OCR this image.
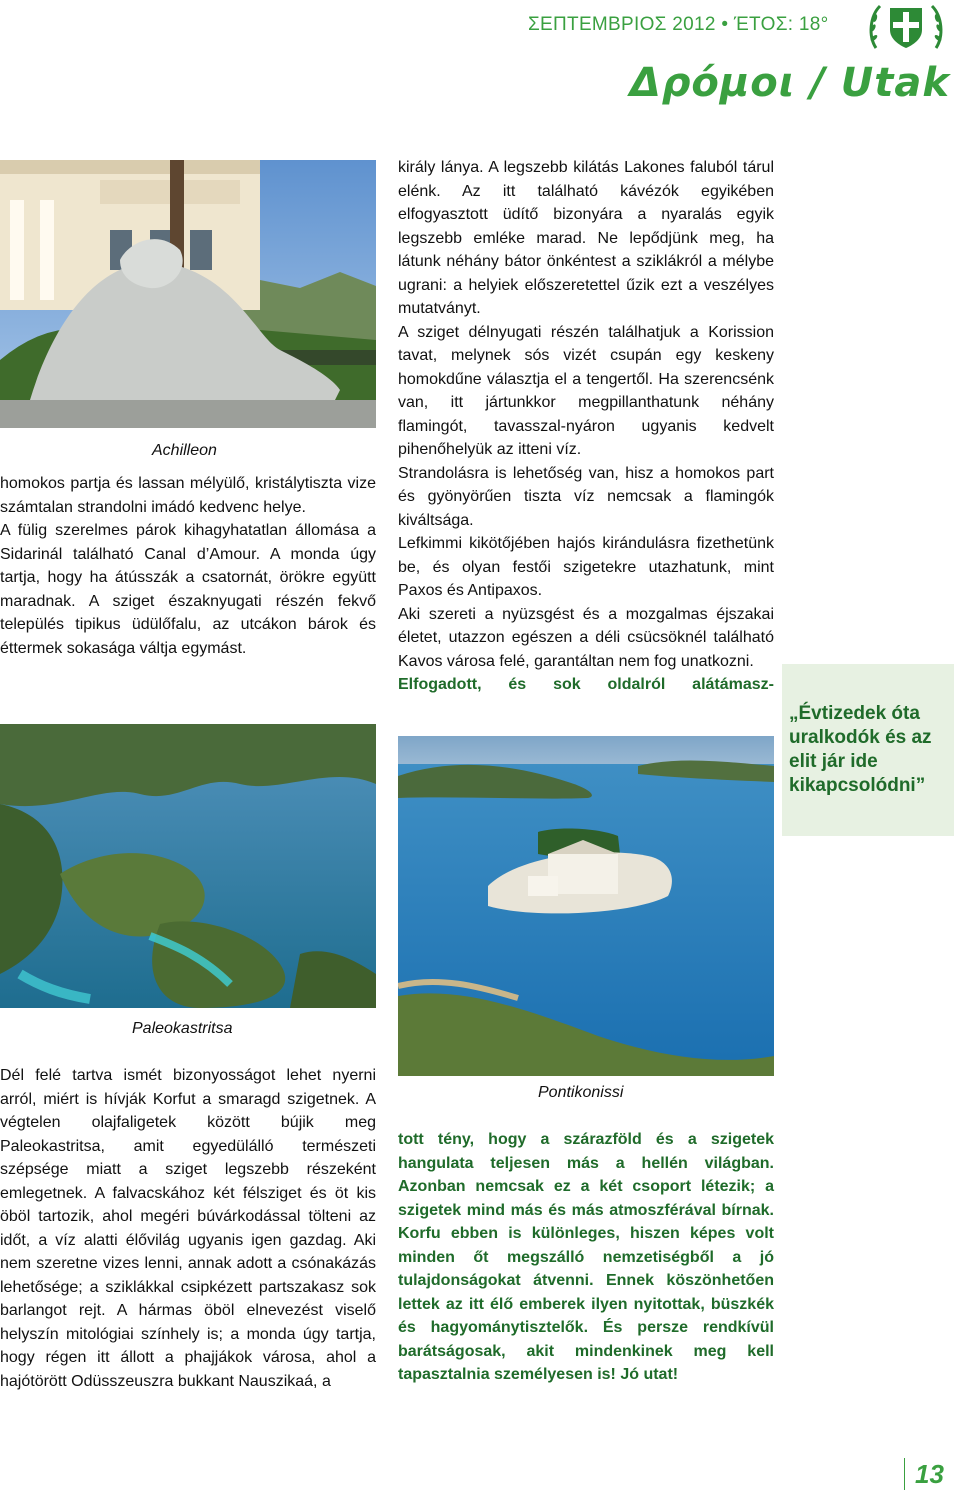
ΣΕΠΤΕΜΒΡΙΟΣ 2012 • ΈΤΟΣ: 18°
Δρόμοι / Utak
Achilleon

homokos partja és lassan mélyülő, kristálytiszta vize számtalan strandolni imádó kedvenc helye.

A fülig szerelmes párok kihagyhatatlan állomása a Sidarinál található Canal d’Amour. A monda úgy tartja, hogy ha átússzák a csatornát, örökre együtt maradnak. A sziget északnyugati részén fekvő település tipikus üdülőfalu, az utcákon bárok és éttermek sokasága váltja egymást.

Paleokastritsa

Dél felé tartva ismét bizonyosságot lehet nyerni arról, miért is hívják Korfut a smaragd szigetnek. A végtelen olajfaligetek között bújik meg Paleokastritsa, amit egyedülálló természeti szépsége miatt a sziget legszebb részeként emlegetnek. A falvacskához két félsziget és öt kis öböl tartozik, ahol megéri búvárkodással tölteni az időt, a víz alatti élővilág ugyanis igen gazdag. Aki nem szeretne vizes lenni, annak adott a csónakázás lehetősége; a sziklákkal csipkézett partszakasz sok barlangot rejt. A hármas öböl elnevezést viselő helyszín mitológiai színhely is; a monda úgy tartja, hogy régen itt állott a phajjákok városa, ahol a hajótörött Odüsszeuszra bukkant Nauszikaá, a

király lánya. A legszebb kilátás Lakones faluból tárul elénk. Az itt található kávézók egyikében elfogyasztott üdítő bizonyára a nyaralás egyik legszebb emléke marad. Ne lepődjünk meg, ha látunk néhány bátor önkéntest a sziklákról a mélybe ugrani: a helyiek előszeretettel űzik ezt a veszélyes mutatványt.

A sziget délnyugati részén találhatjuk a Korission tavat, melynek sós vizét csupán egy keskeny homokdűne választja el a tengertől. Ha szerencsénk van, itt jártunkkor megpillanthatunk néhány flamingót, tavasszal-nyáron ugyanis kedvelt pihenőhelyük az itteni víz.

Strandolásra is lehetőség van, hisz a homokos part és gyönyörűen tiszta víz nemcsak a flamingók kiváltsága.

Lefkimmi kikötőjében hajós kirándulásra fizethetünk be, és olyan festői szigetekre utazhatunk, mint Paxos és Antipaxos.

Aki szereti a nyüzsgést és a mozgalmas éjszakai életet, utazzon egészen a déli csücsöknél található Kavos városa felé, garantáltan nem fog unatkozni.

Elfogadott, és sok oldalról alátámasz-

Pontikonissi

tott tény, hogy a szárazföld és a szigetek hangulata teljesen más a hellén világban. Azonban nemcsak ez a két csoport létezik; a szigetek mind más és más atmoszférával bírnak. Korfu ebben is különleges, hiszen képes volt minden őt megszálló nemzetiségből a jó tulajdonságokat átvenni. Ennek köszönhetően lettek az itt élő emberek ilyen nyitottak, büszkék és hagyománytisztelők. És persze rendkívül barátságosak, akit mindenkinek meg kell tapasztalnia személyesen is! Jó utat!

„Évtizedek óta uralkodók és az elit jár ide kikapcsolódni”
13
